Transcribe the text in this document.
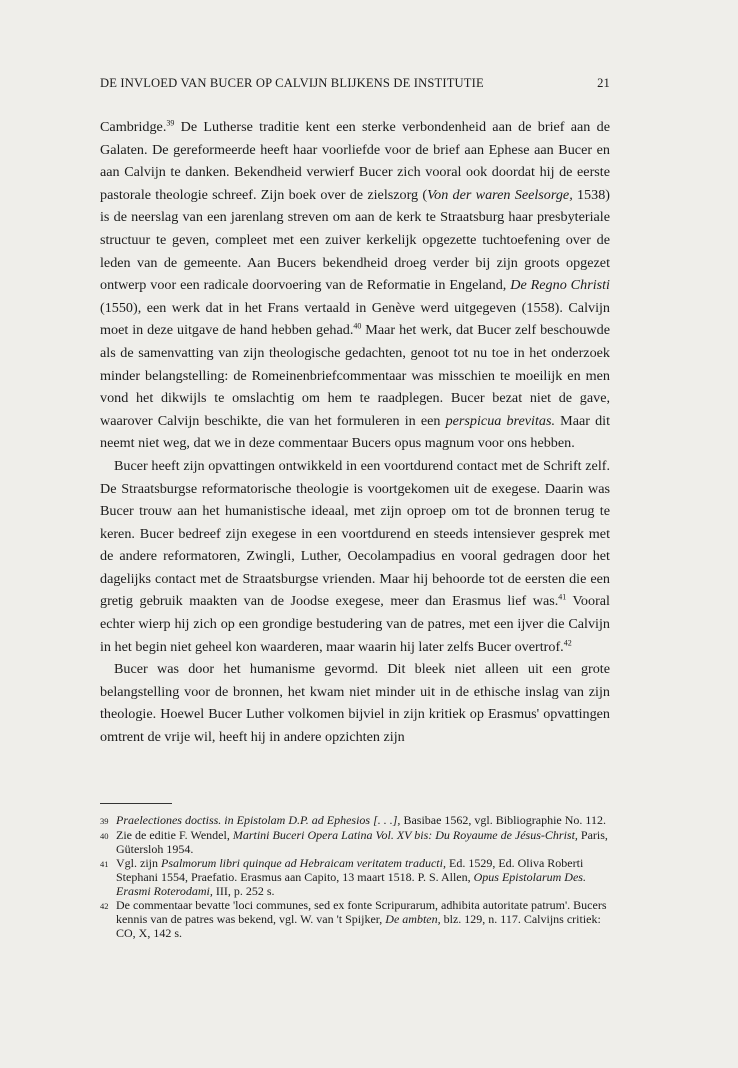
DE INVLOED VAN BUCER OP CALVIJN BLIJKENS DE INSTITUTIE	21

Cambridge.$^{39}$ De Lutherse traditie kent een sterke verbondenheid aan de brief aan de Galaten. De gereformeerde heeft haar voorliefde voor de brief aan Ephese aan Bucer en aan Calvijn te danken. Bekendheid verwierf Bucer zich vooral ook doordat hij de eerste pastorale theologie schreef. Zijn boek over de zielszorg (Von der waren Seelsorge, 1538) is de neerslag van een jarenlang streven om aan de kerk te Straatsburg haar presbyteriale structuur te geven, compleet met een zuiver kerkelijk opgezette tuchtoefening over de leden van de gemeente. Aan Bucers bekendheid droeg verder bij zijn groots opgezet ontwerp voor een radicale doorvoering van de Reformatie in Engeland, De Regno Christi (1550), een werk dat in het Frans vertaald in Genève werd uitgegeven (1558). Calvijn moet in deze uitgave de hand hebben gehad.$^{40}$ Maar het werk, dat Bucer zelf beschouwde als de samenvatting van zijn theologische gedachten, genoot tot nu toe in het onderzoek minder belangstelling: de Romeinenbriefcommentaar was misschien te moeilijk en men vond het dikwijls te omslachtig om hem te raadplegen. Bucer bezat niet de gave, waarover Calvijn beschikte, die van het formuleren in een perspicua brevitas. Maar dit neemt niet weg, dat we in deze commentaar Bucers opus magnum voor ons hebben.

Bucer heeft zijn opvattingen ontwikkeld in een voortdurend contact met de Schrift zelf. De Straatsburgse reformatorische theologie is voortgekomen uit de exegese. Daarin was Bucer trouw aan het humanistische ideaal, met zijn oproep om tot de bronnen terug te keren. Bucer bedreef zijn exegese in een voortdurend en steeds intensiever gesprek met de andere reformatoren, Zwingli, Luther, Oecolampadius en vooral gedragen door het dagelijks contact met de Straatsburgse vrienden. Maar hij behoorde tot de eersten die een gretig gebruik maakten van de Joodse exegese, meer dan Erasmus lief was.$^{41}$ Vooral echter wierp hij zich op een grondige bestudering van de patres, met een ijver die Calvijn in het begin niet geheel kon waarderen, maar waarin hij later zelfs Bucer overtrof.$^{42}$

Bucer was door het humanisme gevormd. Dit bleek niet alleen uit een grote belangstelling voor de bronnen, het kwam niet minder uit in de ethische inslag van zijn theologie. Hoewel Bucer Luther volkomen bijviel in zijn kritiek op Erasmus' opvattingen omtrent de vrije wil, heeft hij in andere opzichten zijn

39 Praelectiones doctiss. in Epistolam D.P. ad Ephesios [. . .], Basibae 1562, vgl. Bibliographie No. 112.
40 Zie de editie F. Wendel, Martini Buceri Opera Latina Vol. XV bis: Du Royaume de Jésus-Christ, Paris, Gütersloh 1954.
41 Vgl. zijn Psalmorum libri quinque ad Hebraicam veritatem traducti, Ed. 1529, Ed. Oliva Roberti Stephani 1554, Praefatio. Erasmus aan Capito, 13 maart 1518. P. S. Allen, Opus Epistolarum Des. Erasmi Roterodami, III, p. 252 s.
42 De commentaar bevatte 'loci communes, sed ex fonte Scripurarum, adhibita autoritate patrum'. Bucers kennis van de patres was bekend, vgl. W. van 't Spijker, De ambten, blz. 129, n. 117. Calvijns critiek: CO, X, 142 s.
